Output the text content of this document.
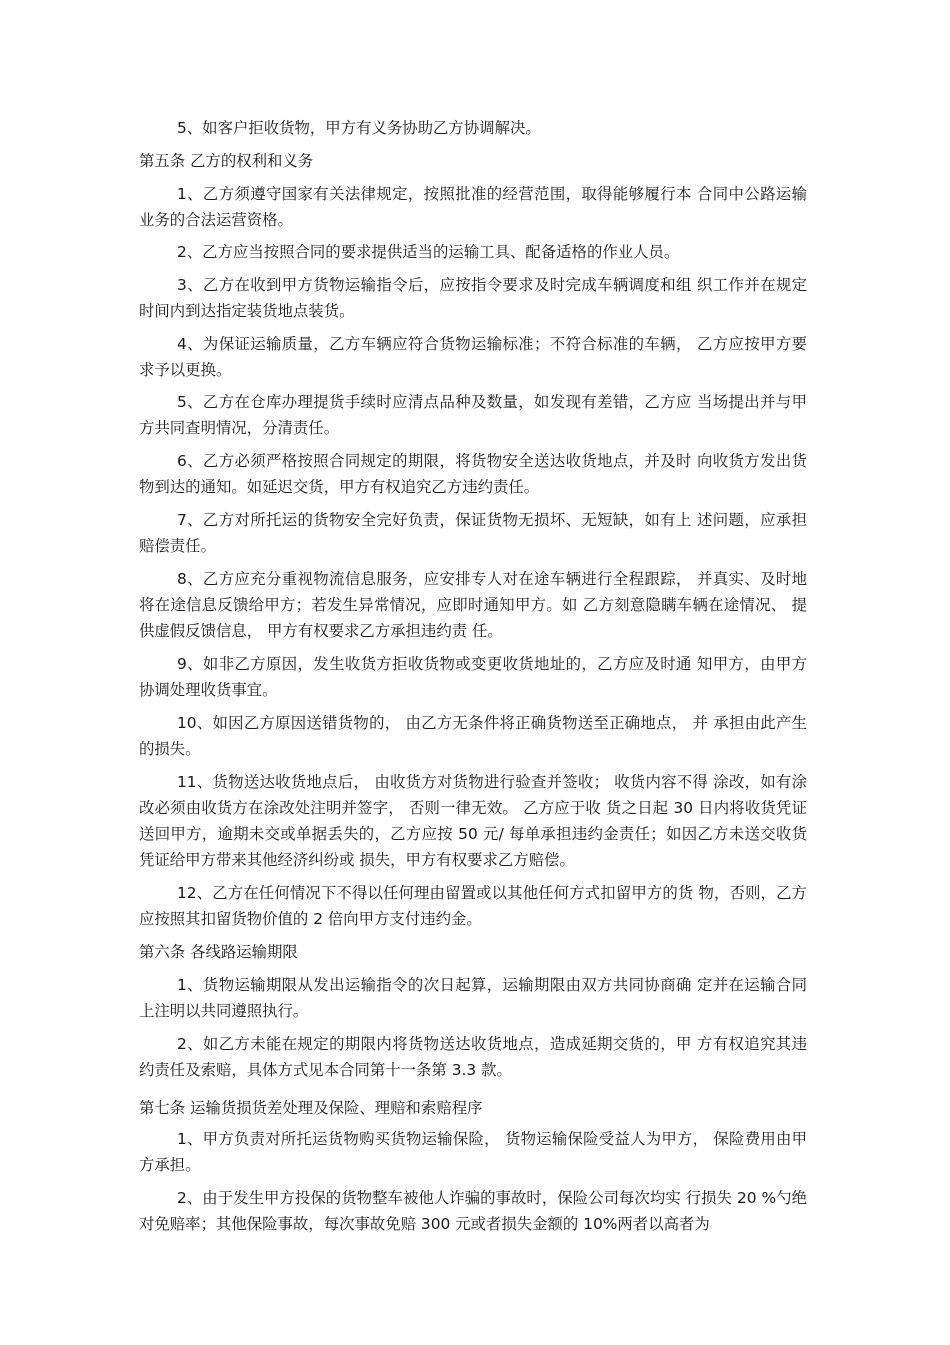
5、如客户拒收货物，甲方有义务协助乙方协调解决。

第五条 乙方的权利和义务

1、乙方须遵守国家有关法律规定，按照批准的经营范围，取得能够履行本 合同中公路运输业务的合法运营资格。

2、乙方应当按照合同的要求提供适当的运输工具、配备适格的作业人员。

3、乙方在收到甲方货物运输指令后，应按指令要求及时完成车辆调度和组 织工作并在规定时间内到达指定装货地点装货。

4、为保证运输质量，乙方车辆应符合货物运输标准；不符合标准的车辆， 乙方应按甲方要求予以更换。

5、乙方在仓库办理提货手续时应清点品种及数量，如发现有差错，乙方应 当场提出并与甲方共同查明情况，分清责任。

6、乙方必须严格按照合同规定的期限，将货物安全送达收货地点，并及时 向收货方发出货物到达的通知。如延迟交货，甲方有权追究乙方违约责任。

7、乙方对所托运的货物安全完好负责，保证货物无损坏、无短缺，如有上 述问题，应承担赔偿责任。

8、乙方应充分重视物流信息服务，应安排专人对在途车辆进行全程跟踪， 并真实、及时地将在途信息反馈给甲方；若发生异常情况，应即时通知甲方。如 乙方刻意隐瞒车辆在途情况、 提供虚假反馈信息， 甲方有权要求乙方承担违约责 任。

9、如非乙方原因，发生收货方拒收货物或变更收货地址的，乙方应及时通 知甲方，由甲方协调处理收货事宜。

10、如因乙方原因送错货物的， 由乙方无条件将正确货物送至正确地点， 并 承担由此产生的损失。

11、货物送达收货地点后， 由收货方对货物进行验查并签收； 收货内容不得 涂改，如有涂改必须由收货方在涂改处注明并签字， 否则一律无效。 乙方应于收 货之日起 30 日内将收货凭证送回甲方，逾期未交或单据丢失的，乙方应按 50 元/ 每单承担违约金责任；如因乙方未送交收货凭证给甲方带来其他经济纠纷或 损失，甲方有权要求乙方赔偿。

12、乙方在任何情况下不得以任何理由留置或以其他任何方式扣留甲方的货 物，否则，乙方应按照其扣留货物价值的 2 倍向甲方支付违约金。

第六条 各线路运输期限

1、货物运输期限从发出运输指令的次日起算，运输期限由双方共同协商确 定并在运输合同上注明以共同遵照执行。

2、如乙方未能在规定的期限内将货物送达收货地点，造成延期交货的，甲 方有权追究其违约责任及索赔，具体方式见本合同第十一条第 3.3 款。

第七条 运输货损货差处理及保险、理赔和索赔程序

1、甲方负责对所托运货物购买货物运输保险， 货物运输保险受益人为甲方， 保险费用由甲方承担。

2、由于发生甲方投保的货物整车被他人诈骗的事故时，保险公司每次均实 行损失 20 %勺绝对免赔率；其他保险事故，每次事故免赔 300 元或者损失金额的 10%两者以高者为
